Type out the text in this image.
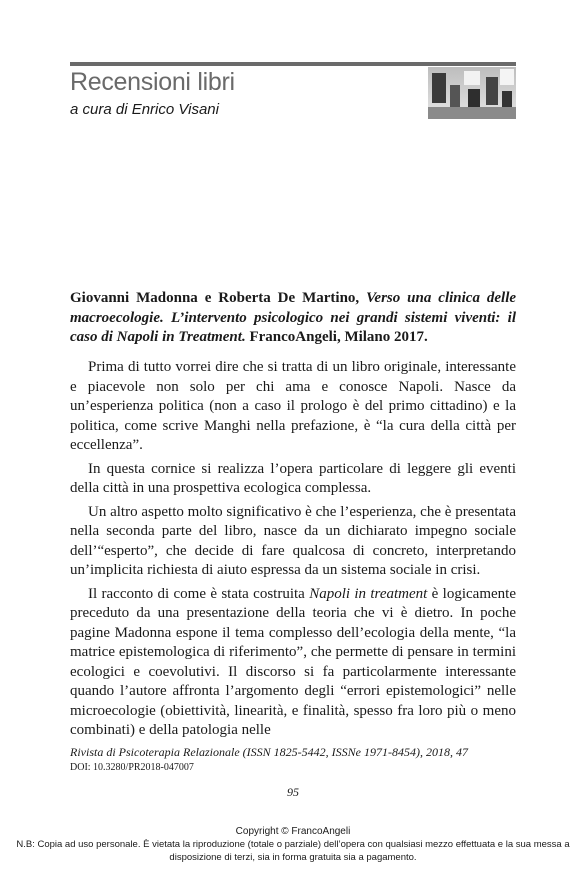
Recensioni libri
a cura di Enrico Visani
Giovanni Madonna e Roberta De Martino, Verso una clinica delle macroecologie. L’intervento psicologico nei grandi sistemi viventi: il caso di Napoli in Treatment. FrancoAngeli, Milano 2017.

Prima di tutto vorrei dire che si tratta di un libro originale, interessante e piacevole non solo per chi ama e conosce Napoli. Nasce da un’esperienza politica (non a caso il prologo è del primo cittadino) e la politica, come scrive Manghi nella prefazione, è “la cura della città per eccellenza”.

In questa cornice si realizza l’opera particolare di leggere gli eventi della città in una prospettiva ecologica complessa.

Un altro aspetto molto significativo è che l’esperienza, che è presentata nella seconda parte del libro, nasce da un dichiarato impegno sociale dell’“esperto”, che decide di fare qualcosa di concreto, interpretando un’implicita richiesta di aiuto espressa da un sistema sociale in crisi.

Il racconto di come è stata costruita Napoli in treatment è logicamente preceduto da una presentazione della teoria che vi è dietro. In poche pagine Madonna espone il tema complesso dell’ecologia della mente, “la matrice epistemologica di riferimento”, che permette di pensare in termini ecologici e coevolutivi. Il discorso si fa particolarmente interessante quando l’autore affronta l’argomento degli “errori epistemologici” nelle microecologie (obiettività, linearità, e finalità, spesso fra loro più o meno combinati) e della patologia nelle

Rivista di Psicoterapia Relazionale (ISSN 1825-5442, ISSNe 1971-8454), 2018, 47
DOI: 10.3280/PR2018-047007
95
Copyright © FrancoAngeli
N.B: Copia ad uso personale. È vietata la riproduzione (totale o parziale) dell’opera con qualsiasi mezzo effettuata e la sua messa a disposizione di terzi, sia in forma gratuita sia a pagamento.
